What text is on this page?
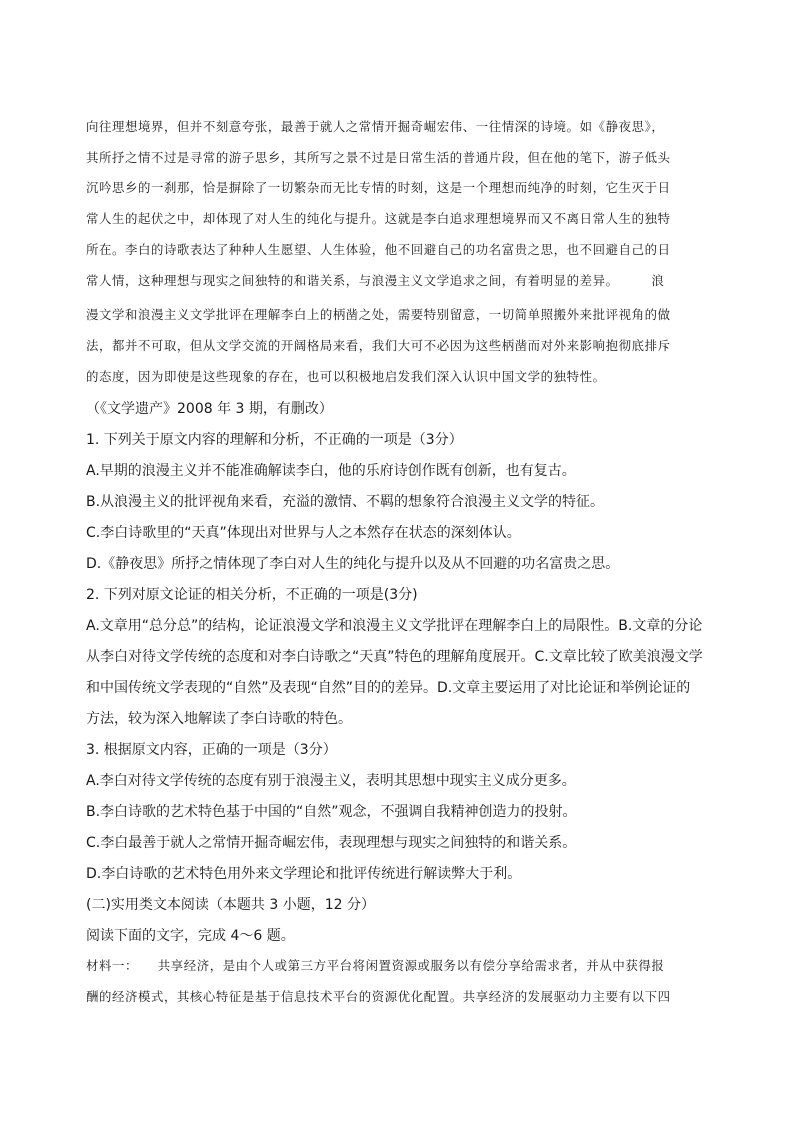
向往理想境界，但并不刻意夸张，最善于就人之常情开掘奇崛宏伟、一往情深的诗境。如《静夜思》，
其所抒之情不过是寻常的游子思乡，其所写之景不过是日常生活的普通片段，但在他的笔下，游子低头
沉吟思乡的一刹那，恰是摒除了一切繁杂而无比专情的时刻，这是一个理想而纯净的时刻，它生灭于日
常人生的起伏之中，却体现了对人生的纯化与提升。这就是李白追求理想境界而又不离日常人生的独特
所在。李白的诗歌表达了种种人生愿望、人生体验，他不回避自己的功名富贵之思，也不回避自己的日
常人情，这种理想与现实之间独特的和谐关系，与浪漫主义文学追求之间，有着明显的差异。　　　浪
漫文学和浪漫主义文学批评在理解李白上的柄凿之处，需要特别留意，一切简单照搬外来批评视角的做
法，都并不可取，但从文学交流的开阔格局来看，我们大可不必因为这些柄凿而对外来影响抱彻底排斥
的态度，因为即使是这些现象的存在，也可以积极地启发我们深入认识中国文学的独特性。
（《文学遗产》2008 年 3 期，有删改）
1. 下列关于原文内容的理解和分析，不正确的一项是（3分）
A.早期的浪漫主义并不能准确解读李白，他的乐府诗创作既有创新，也有复古。
B.从浪漫主义的批评视角来看，充溢的激情、不羁的想象符合浪漫主义文学的特征。
C.李白诗歌里的“天真”体现出对世界与人之本然存在状态的深刻体认。
D.《静夜思》所抒之情体现了李白对人生的纯化与提升以及从不回避的功名富贵之思。
2. 下列对原文论证的相关分析，不正确的一项是(3分)
A.文章用“总分总”的结构，论证浪漫文学和浪漫主义文学批评在理解李白上的局限性。B.文章的分论
从李白对待文学传统的态度和对李白诗歌之“天真”特色的理解角度展开。C.文章比较了欧美浪漫文学
和中国传统文学表现的“自然”及表现“自然”目的的差异。D.文章主要运用了对比论证和举例论证的
方法，较为深入地解读了李白诗歌的特色。
3. 根据原文内容，正确的一项是（3分）
A.李白对待文学传统的态度有别于浪漫主义，表明其思想中现实主义成分更多。
B.李白诗歌的艺术特色基于中国的“自然”观念，不强调自我精神创造力的投射。
C.李白最善于就人之常情开掘奇崛宏伟，表现理想与现实之间独特的和谐关系。
D.李白诗歌的艺术特色用外来文学理论和批评传统进行解读弊大于利。
(二)实用类文本阅读（本题共 3 小题，12 分）
阅读下面的文字，完成 4～6 题。
材料一：　　共享经济，是由个人或第三方平台将闲置资源或服务以有偿分享给需求者，并从中获得报
酬的经济模式，其核心特征是基于信息技术平台的资源优化配置。共享经济的发展驱动力主要有以下四
